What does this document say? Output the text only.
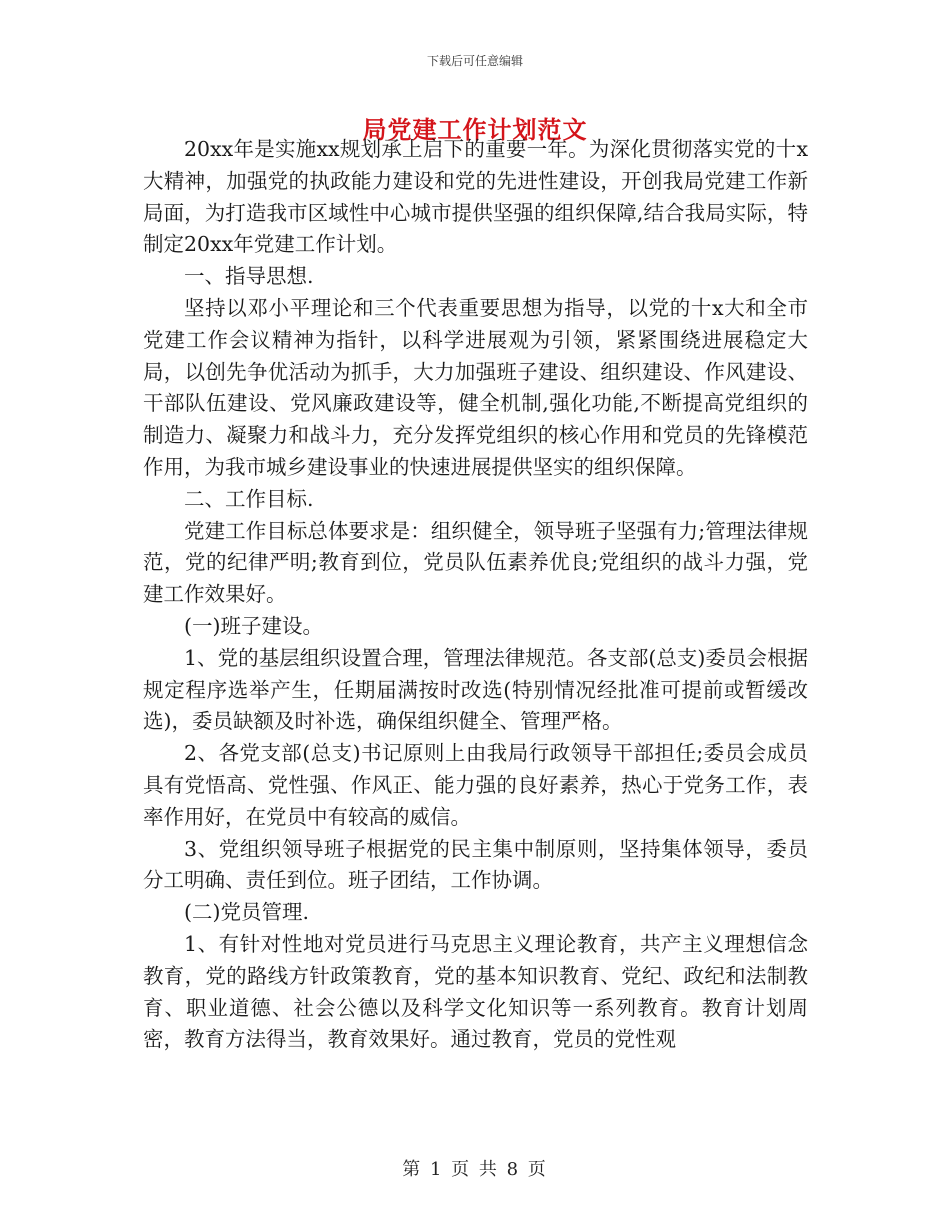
下载后可任意编辑
局党建工作计划范文

20xx年是实施xx规划承上启下的重要一年。为深化贯彻落实党的十x大精神，加强党的执政能力建设和党的先进性建设，开创我局党建工作新局面，为打造我市区域性中心城市提供坚强的组织保障,结合我局实际，特制定20xx年党建工作计划。

一、指导思想.

坚持以邓小平理论和三个代表重要思想为指导，以党的十x大和全市党建工作会议精神为指针，以科学进展观为引领，紧紧围绕进展稳定大局，以创先争优活动为抓手，大力加强班子建设、组织建设、作风建设、干部队伍建设、党风廉政建设等，健全机制,强化功能,不断提高党组织的制造力、凝聚力和战斗力，充分发挥党组织的核心作用和党员的先锋模范作用，为我市城乡建设事业的快速进展提供坚实的组织保障。

二、工作目标.

党建工作目标总体要求是：组织健全，领导班子坚强有力;管理法律规范，党的纪律严明;教育到位，党员队伍素养优良;党组织的战斗力强，党建工作效果好。

(一)班子建设。

1、党的基层组织设置合理，管理法律规范。各支部(总支)委员会根据规定程序选举产生，任期届满按时改选(特别情况经批准可提前或暂缓改选)，委员缺额及时补选，确保组织健全、管理严格。

2、各党支部(总支)书记原则上由我局行政领导干部担任;委员会成员具有党悟高、党性强、作风正、能力强的良好素养，热心于党务工作，表率作用好，在党员中有较高的威信。

3、党组织领导班子根据党的民主集中制原则，坚持集体领导，委员分工明确、责任到位。班子团结，工作协调。

(二)党员管理.

1、有针对性地对党员进行马克思主义理论教育，共产主义理想信念教育，党的路线方针政策教育，党的基本知识教育、党纪、政纪和法制教育、职业道德、社会公德以及科学文化知识等一系列教育。教育计划周密，教育方法得当，教育效果好。通过教育，党员的党性观

第 1 页 共 8 页
